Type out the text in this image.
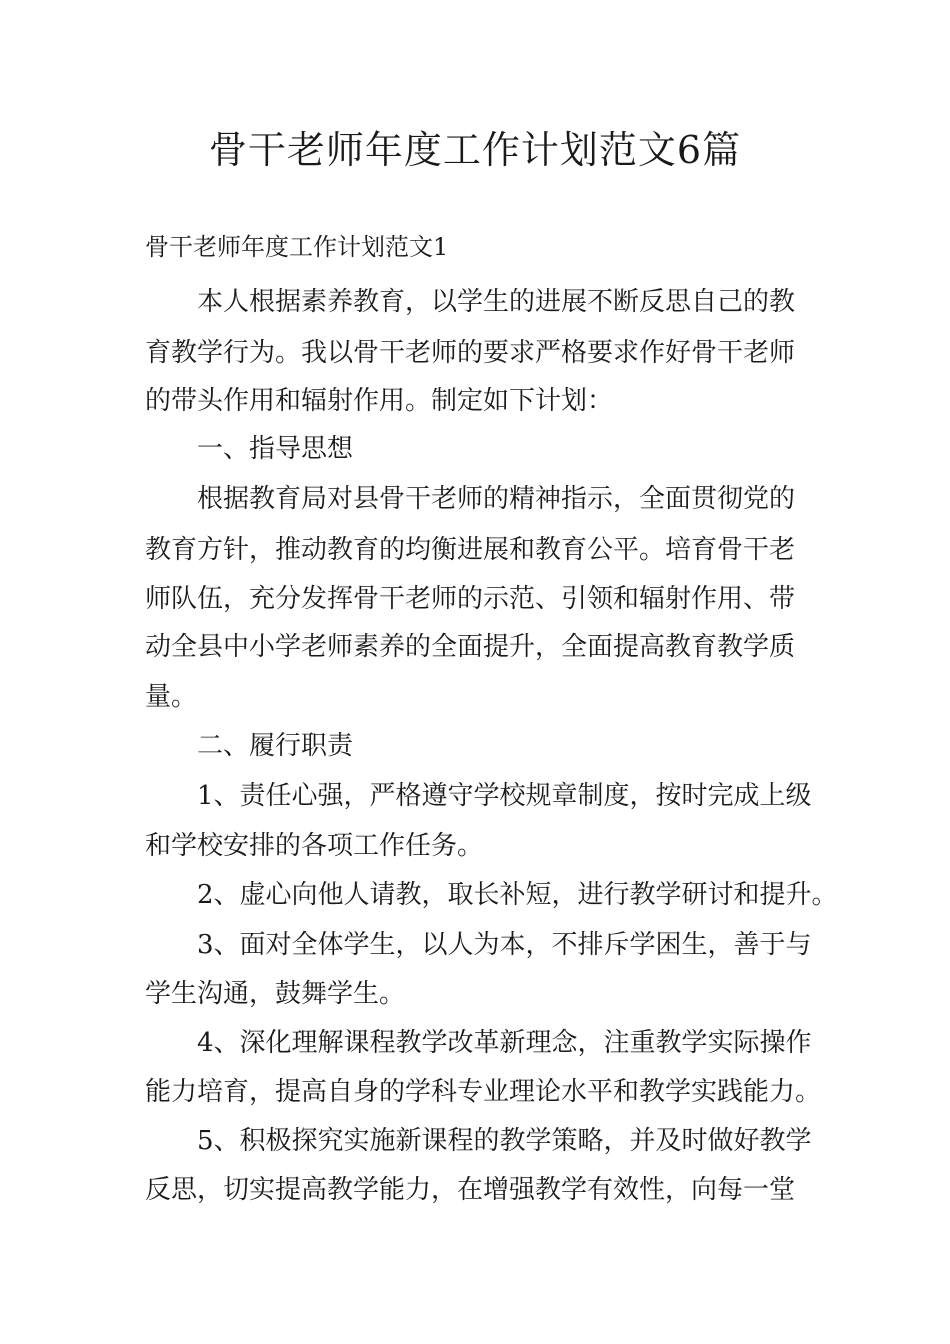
骨干老师年度工作计划范文6篇

骨干老师年度工作计划范文1

本人根据素养教育，以学生的进展不断反思自己的教

育教学行为。我以骨干老师的要求严格要求作好骨干老师

的带头作用和辐射作用。制定如下计划：

一、指导思想

根据教育局对县骨干老师的精神指示，全面贯彻党的

教育方针，推动教育的均衡进展和教育公平。培育骨干老

师队伍，充分发挥骨干老师的示范、引领和辐射作用、带

动全县中小学老师素养的全面提升，全面提高教育教学质

量。

二、履行职责

1、责任心强，严格遵守学校规章制度，按时完成上级

和学校安排的各项工作任务。

2、虚心向他人请教，取长补短，进行教学研讨和提升。

3、面对全体学生，以人为本，不排斥学困生，善于与

学生沟通，鼓舞学生。

4、深化理解课程教学改革新理念，注重教学实际操作

能力培育，提高自身的学科专业理论水平和教学实践能力。

5、积极探究实施新课程的教学策略，并及时做好教学

反思，切实提高教学能力，在增强教学有效性，向每一堂
